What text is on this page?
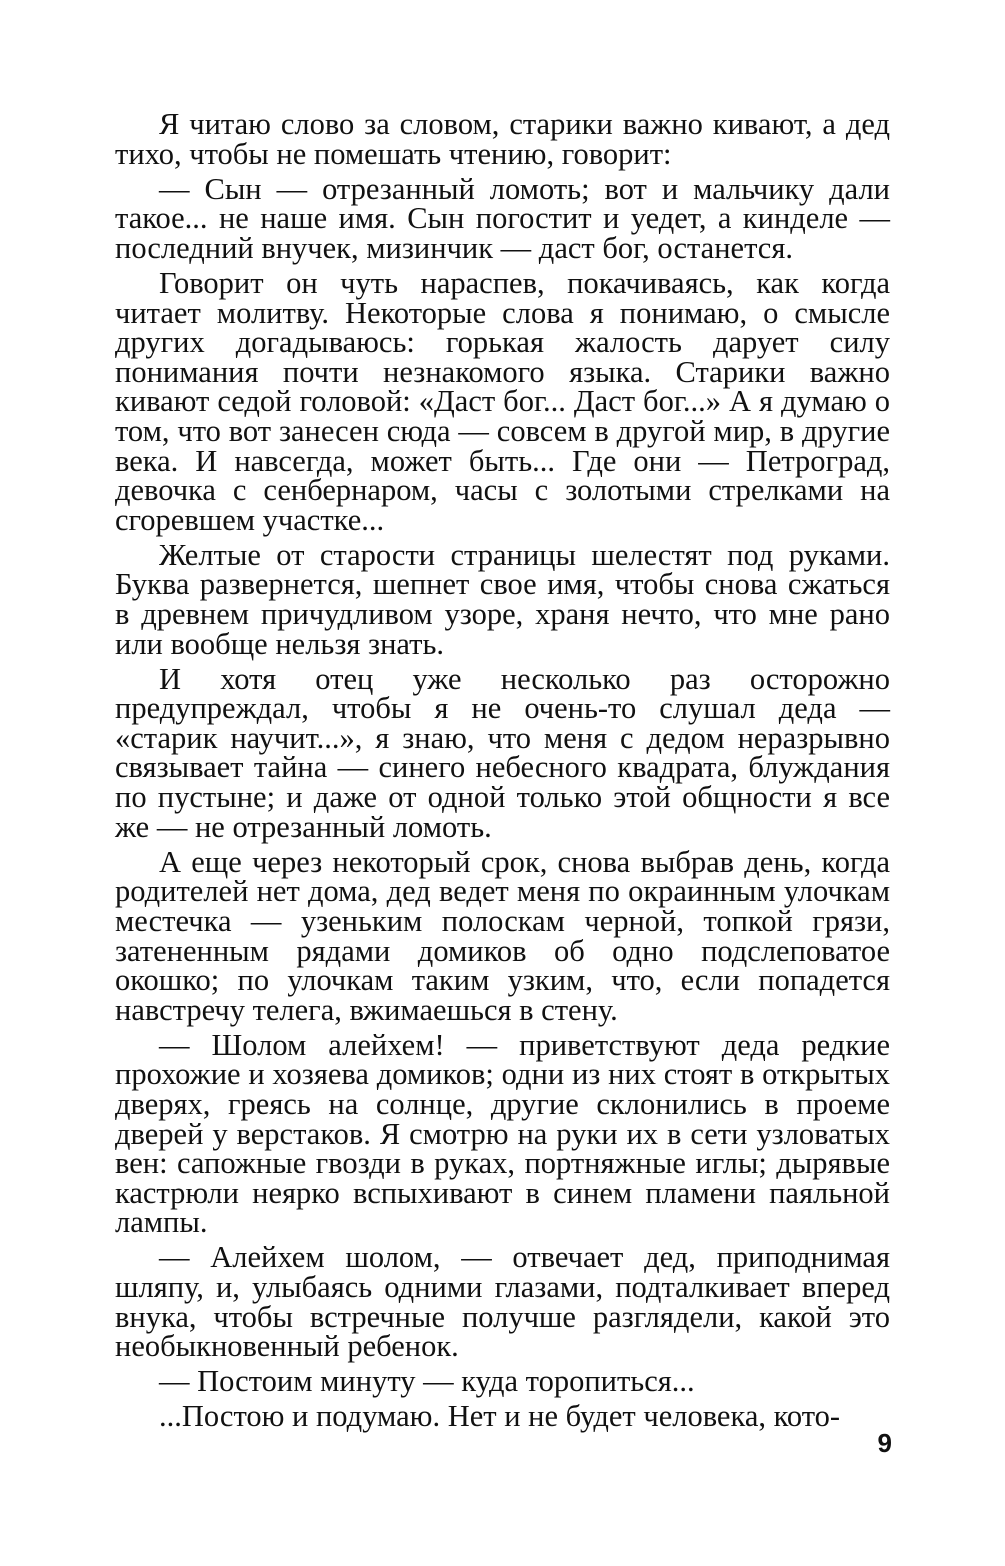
Я читаю слово за словом, старики важно кивают, а дед тихо, чтобы не помешать чтению, говорит:

— Сын — отрезанный ломоть; вот и мальчику дали такое... не наше имя. Сын погостит и уедет, а кинделе — последний внучек, мизинчик — даст бог, останется.

Говорит он чуть нараспев, покачиваясь, как когда читает молитву. Некоторые слова я понимаю, о смысле других догадываюсь: горькая жалость дарует силу понимания почти незнакомого языка. Старики важно кивают седой головой: «Даст бог... Даст бог...» А я думаю о том, что вот занесен сюда — совсем в другой мир, в другие века. И навсегда, может быть... Где они — Петроград, девочка с сенбернаром, часы с золотыми стрелками на сгоревшем участке...

Желтые от старости страницы шелестят под руками. Буква развернется, шепнет свое имя, чтобы снова сжаться в древнем причудливом узоре, храня нечто, что мне рано или вообще нельзя знать.

И хотя отец уже несколько раз осторожно предупреждал, чтобы я не очень-то слушал деда — «старик научит...», я знаю, что меня с дедом неразрывно связывает тайна — синего небесного квадрата, блуждания по пустыне; и даже от одной только этой общности я все же — не отрезанный ломоть.

А еще через некоторый срок, снова выбрав день, когда родителей нет дома, дед ведет меня по окраинным улочкам местечка — узеньким полоскам черной, топкой грязи, затененным рядами домиков об одно подслеповатое окошко; по улочкам таким узким, что, если попадется навстречу телега, вжимаешься в стену.

— Шолом алейхем! — приветствуют деда редкие прохожие и хозяева домиков; одни из них стоят в открытых дверях, греясь на солнце, другие склонились в проеме дверей у верстаков. Я смотрю на руки их в сети узловатых вен: сапожные гвозди в руках, портняжные иглы; дырявые кастрюли неярко вспыхивают в синем пламени паяльной лампы.

— Алейхем шолом, — отвечает дед, приподнимая шляпу, и, улыбаясь одними глазами, подталкивает вперед внука, чтобы встречные получше разглядели, какой это необыкновенный ребенок.

— Постоим минуту — куда торопиться...

...Постою и подумаю. Нет и не будет человека, кото-

9
